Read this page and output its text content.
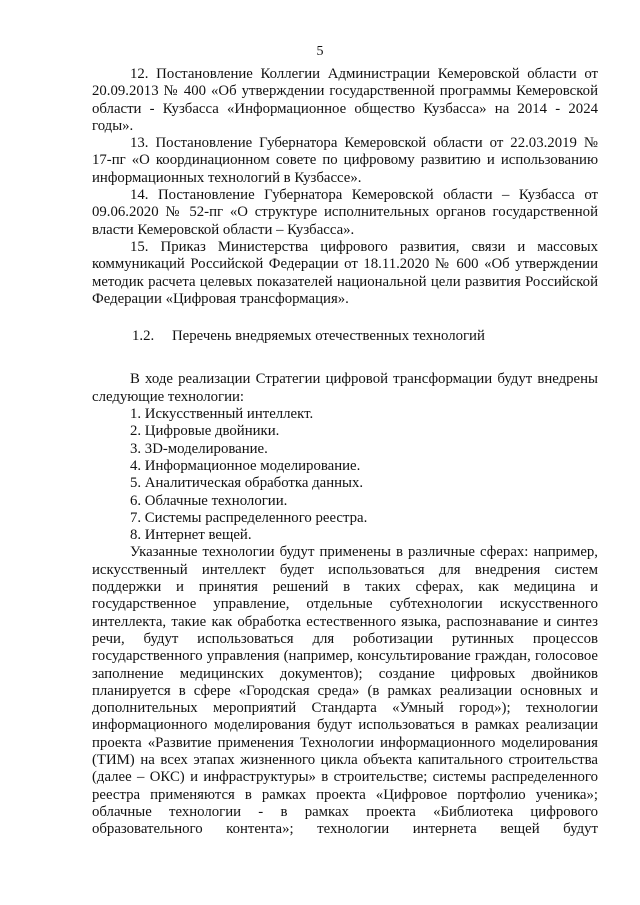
5

12. Постановление Коллегии Администрации Кемеровской области от 20.09.2013 № 400 «Об утверждении государственной программы Кемеровской области - Кузбасса «Информационное общество Кузбасса» на 2014 - 2024 годы».

13. Постановление Губернатора Кемеровской области от 22.03.2019 № 17-пг «О координационном совете по цифровому развитию и использованию информационных технологий в Кузбассе».

14. Постановление Губернатора Кемеровской области – Кузбасса от 09.06.2020 № 52-пг «О структуре исполнительных органов государственной власти Кемеровской области – Кузбасса».

15. Приказ Министерства цифрового развития, связи и массовых коммуникаций Российской Федерации от 18.11.2020 № 600 «Об утверждении методик расчета целевых показателей национальной цели развития Российской Федерации «Цифровая трансформация».

1.2. Перечень внедряемых отечественных технологий

В ходе реализации Стратегии цифровой трансформации будут внедрены следующие технологии:

1. Искусственный интеллект.

2. Цифровые двойники.

3. 3D-моделирование.

4. Информационное моделирование.

5. Аналитическая обработка данных.

6. Облачные технологии.

7. Системы распределенного реестра.

8. Интернет вещей.

Указанные технологии будут применены в различные сферах: например, искусственный интеллект будет использоваться для внедрения систем поддержки и принятия решений в таких сферах, как медицина и государственное управление, отдельные субтехнологии искусственного интеллекта, такие как обработка естественного языка, распознавание и синтез речи, будут использоваться для роботизации рутинных процессов государственного управления (например, консультирование граждан, голосовое заполнение медицинских документов); создание цифровых двойников планируется в сфере «Городская среда» (в рамках реализации основных и дополнительных мероприятий Стандарта «Умный город»); технологии информационного моделирования будут использоваться в рамках реализации проекта «Развитие применения Технологии информационного моделирования (ТИМ) на всех этапах жизненного цикла объекта капитального строительства (далее – ОКС) и инфраструктуры» в строительстве; системы распределенного реестра применяются в рамках проекта «Цифровое портфолио ученика»; облачные технологии - в рамках проекта «Библиотека цифрового образовательного контента»; технологии интернета вещей будут
